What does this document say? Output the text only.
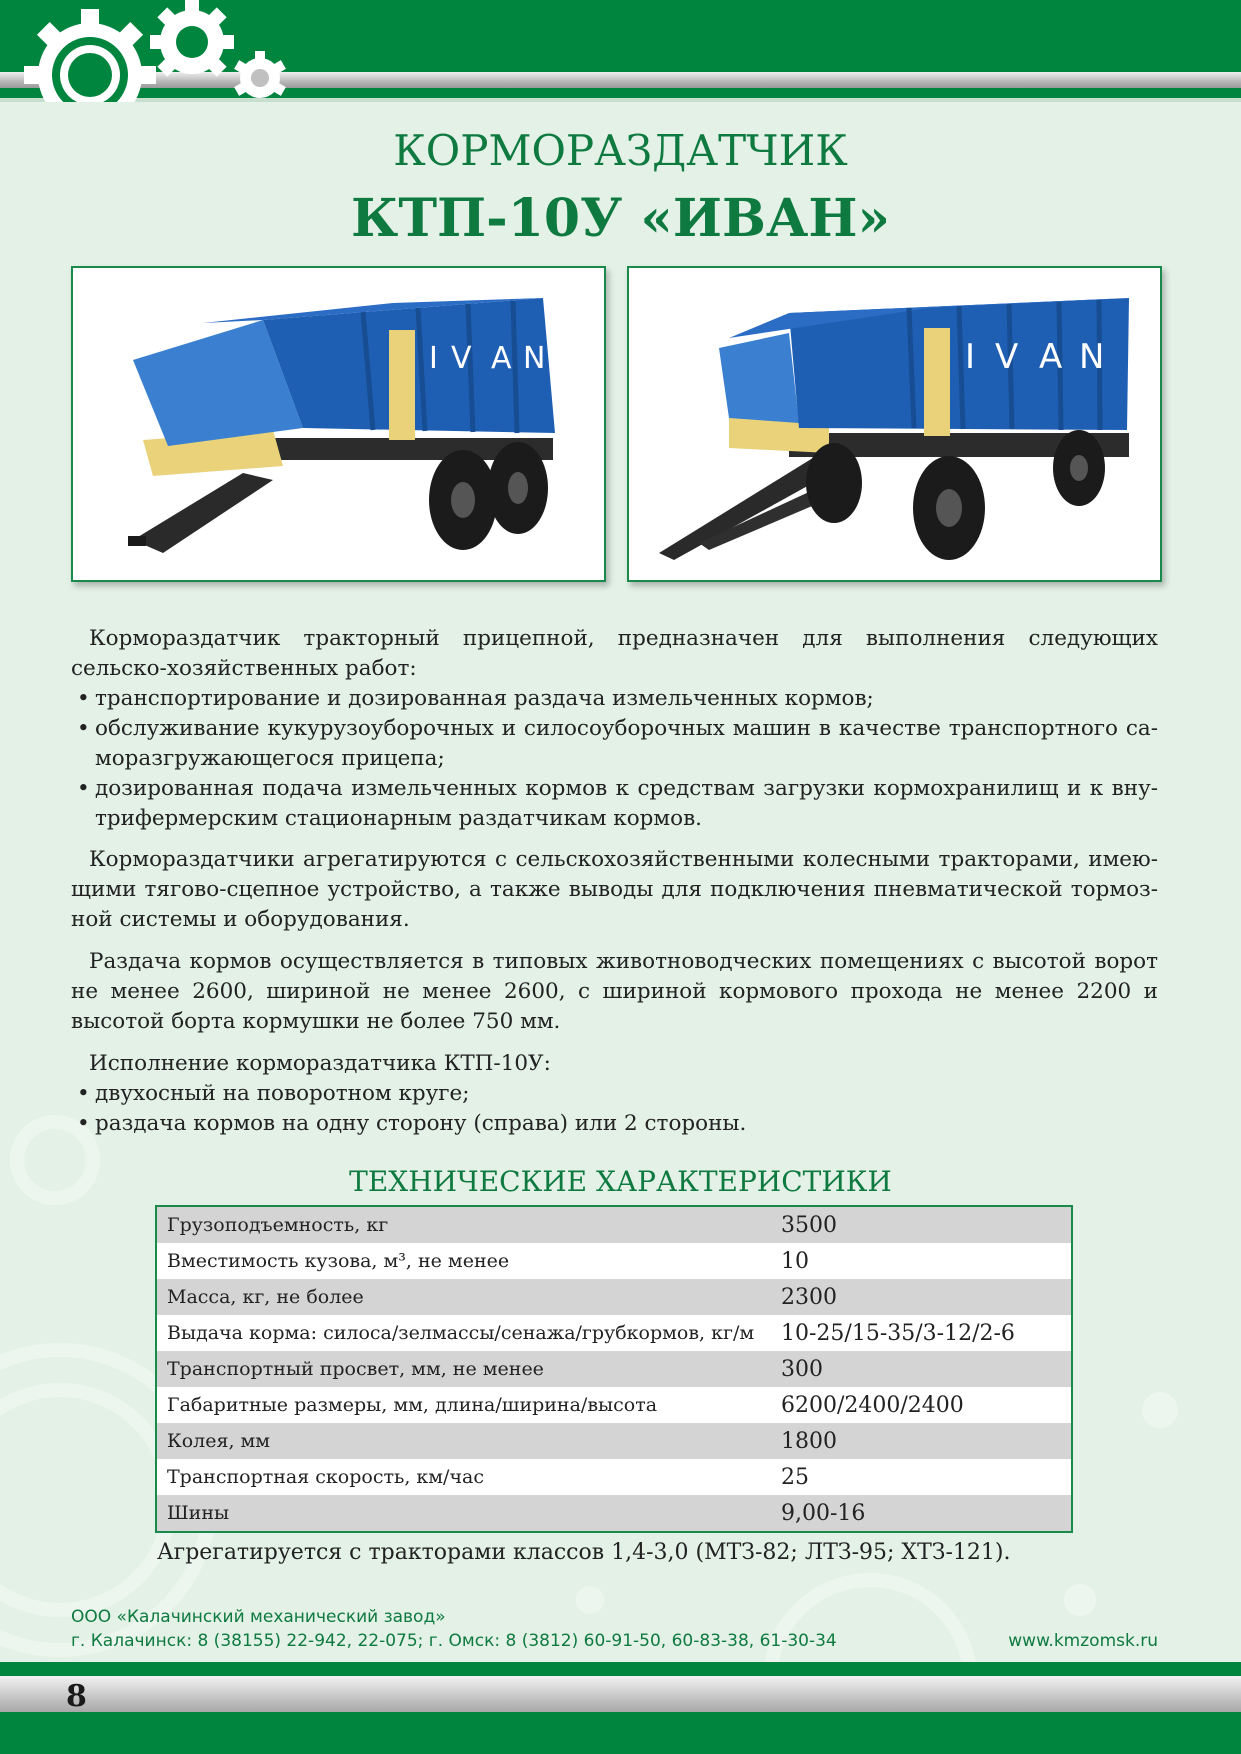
КОРМОРАЗДАТЧИК
КТП-10У «ИВАН»
I V A N	I V A N

Кормораздатчик тракторный прицепной, предназначен для выполнения следующих сельско-хозяйственных работ:

• транспортирование и дозированная раздача измельченных кормов;
• обслуживание кукурузоуборочных и силосоуборочных машин в качестве транспортного са-моразгружающегося прицепа;
• дозированная подача измельченных кормов к средствам загрузки кормохранилищ и к вну-трифермерским стационарным раздатчикам кормов.

Кормораздатчики агрегатируются с сельскохозяйственными колесными тракторами, имею-щими тягово-сцепное устройство, а также выводы для подключения пневматической тормоз-ной системы и оборудования.

Раздача кормов осуществляется в типовых животноводческих помещениях с высотой ворот не менее 2600, шириной не менее 2600, с шириной кормового прохода не менее 2200 и высотой борта кормушки не более 750 мм.

Исполнение кормораздатчика КТП-10У:

• двухосный на поворотном круге;
• раздача кормов на одну сторону (справа) или 2 стороны.
ТЕХНИЧЕСКИЕ ХАРАКТЕРИСТИКИ
Грузоподъемность, кг	3500
Вместимость кузова, м³, не менее	10
Масса, кг, не более	2300
Выдача корма: силоса/зелмассы/сенажа/грубкормов, кг/м	10-25/15-35/3-12/2-6
Транспортный просвет, мм, не менее	300
Габаритные размеры, мм, длина/ширина/высота	6200/2400/2400
Колея, мм	1800
Транспортная скорость, км/час	25
Шины	9,00-16
Агрегатируется с тракторами классов 1,4-3,0 (МТЗ-82; ЛТЗ-95; ХТЗ-121).
ООО «Калачинский механический завод»
г. Калачинск: 8 (38155) 22-942, 22-075; г. Омск: 8 (3812) 60-91-50, 60-83-38, 61-30-34	www.kmzomsk.ru
8
